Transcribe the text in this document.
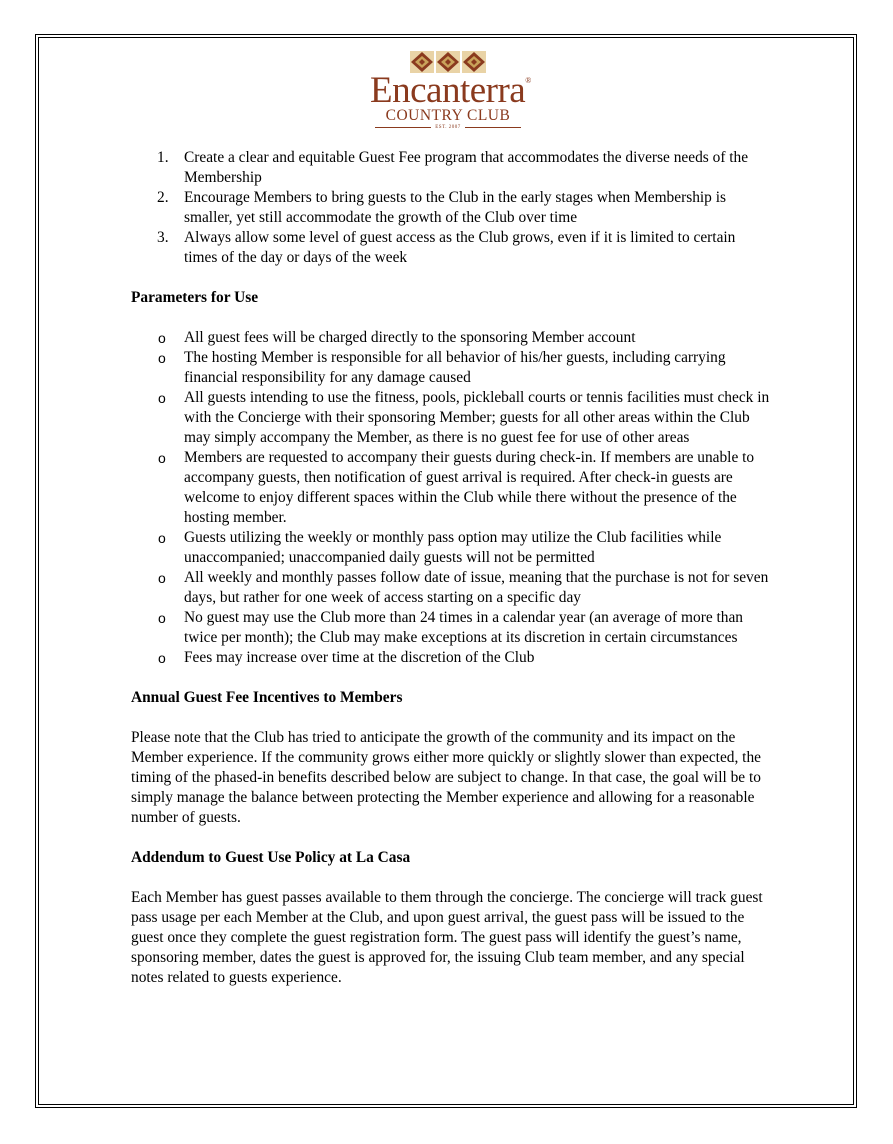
Encanterra®
COUNTRY CLUB
EST. 2007
1. Create a clear and equitable Guest Fee program that accommodates the diverse needs of the Membership
2. Encourage Members to bring guests to the Club in the early stages when Membership is smaller, yet still accommodate the growth of the Club over time
3. Always allow some level of guest access as the Club grows, even if it is limited to certain times of the day or days of the week

Parameters for Use

o All guest fees will be charged directly to the sponsoring Member account
o The hosting Member is responsible for all behavior of his/her guests, including carrying financial responsibility for any damage caused
o All guests intending to use the fitness, pools, pickleball courts or tennis facilities must check in with the Concierge with their sponsoring Member; guests for all other areas within the Club may simply accompany the Member, as there is no guest fee for use of other areas
o Members are requested to accompany their guests during check-in. If members are unable to accompany guests, then notification of guest arrival is required. After check-in guests are welcome to enjoy different spaces within the Club while there without the presence of the hosting member.
o Guests utilizing the weekly or monthly pass option may utilize the Club facilities while unaccompanied; unaccompanied daily guests will not be permitted
o All weekly and monthly passes follow date of issue, meaning that the purchase is not for seven days, but rather for one week of access starting on a specific day
o No guest may use the Club more than 24 times in a calendar year (an average of more than twice per month); the Club may make exceptions at its discretion in certain circumstances
o Fees may increase over time at the discretion of the Club

Annual Guest Fee Incentives to Members

Please note that the Club has tried to anticipate the growth of the community and its impact on the Member experience. If the community grows either more quickly or slightly slower than expected, the timing of the phased-in benefits described below are subject to change. In that case, the goal will be to simply manage the balance between protecting the Member experience and allowing for a reasonable number of guests.

Addendum to Guest Use Policy at La Casa

Each Member has guest passes available to them through the concierge. The concierge will track guest pass usage per each Member at the Club, and upon guest arrival, the guest pass will be issued to the guest once they complete the guest registration form. The guest pass will identify the guest’s name, sponsoring member, dates the guest is approved for, the issuing Club team member, and any special notes related to guests experience.
